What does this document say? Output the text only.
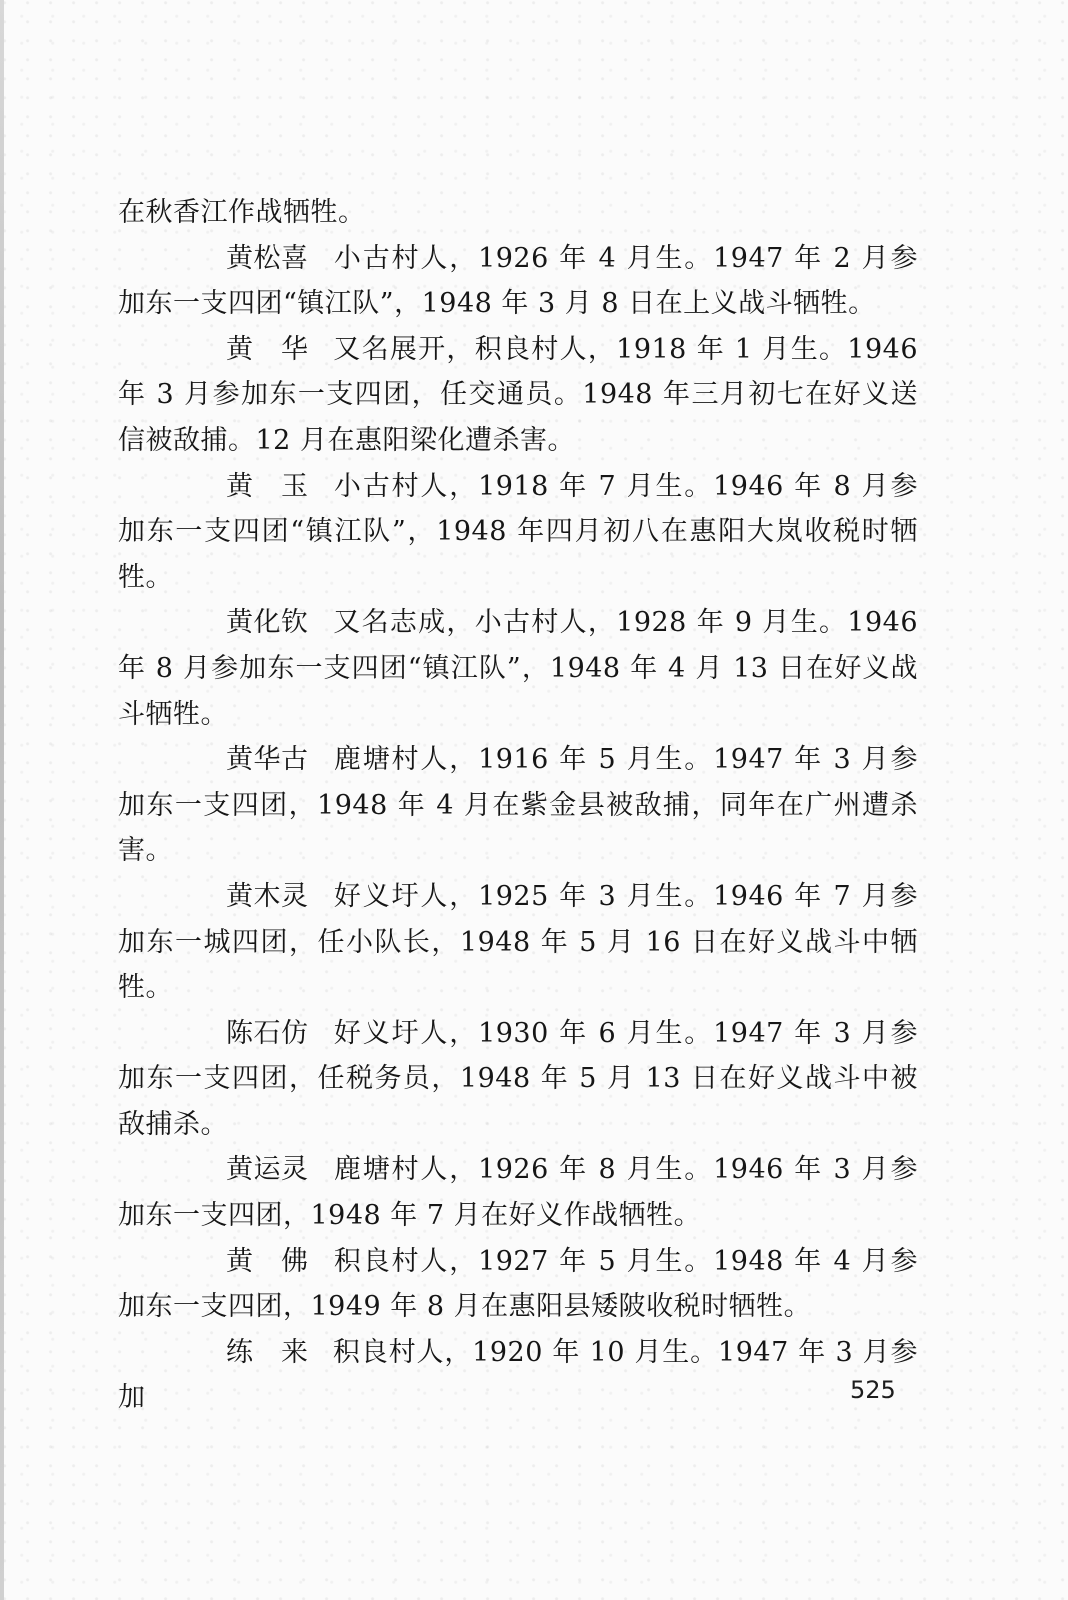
在秋香江作战牺牲。

黄松喜 小古村人，1926 年 4 月生。1947 年 2 月参加东一支四团“镇江队”，1948 年 3 月 8 日在上义战斗牺牲。

黄　华 又名展开，积良村人，1918 年 1 月生。1946 年 3 月参加东一支四团，任交通员。1948 年三月初七在好义送信被敌捕。12 月在惠阳梁化遭杀害。

黄　玉 小古村人，1918 年 7 月生。1946 年 8 月参加东一支四团“镇江队”，1948 年四月初八在惠阳大岚收税时牺牲。

黄化钦 又名志成，小古村人，1928 年 9 月生。1946 年 8 月参加东一支四团“镇江队”，1948 年 4 月 13 日在好义战斗牺牲。

黄华古 鹿塘村人，1916 年 5 月生。1947 年 3 月参加东一支四团，1948 年 4 月在紫金县被敌捕，同年在广州遭杀害。

黄木灵 好义圩人，1925 年 3 月生。1946 年 7 月参加东一城四团，任小队长，1948 年 5 月 16 日在好义战斗中牺牲。

陈石仿 好义圩人，1930 年 6 月生。1947 年 3 月参加东一支四团，任税务员，1948 年 5 月 13 日在好义战斗中被敌捕杀。

黄运灵 鹿塘村人，1926 年 8 月生。1946 年 3 月参加东一支四团，1948 年 7 月在好义作战牺牲。

黄　佛 积良村人，1927 年 5 月生。1948 年 4 月参加东一支四团，1949 年 8 月在惠阳县矮陂收税时牺牲。

练　来 积良村人，1920 年 10 月生。1947 年 3 月参加	525
